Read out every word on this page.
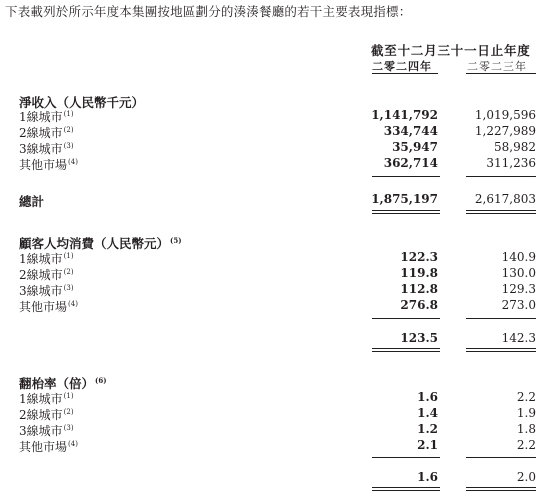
下表載列於所示年度本集團按地區劃分的湊湊餐廳的若干主要表現指標：
截至十二月三十一日止年度
二零二四年	二零二三年
淨收入（人民幣千元）
1線城市$^{(1)}$	1,141,792	1,019,596
2線城市$^{(2)}$	334,744	1,227,989
3線城市$^{(3)}$	35,947	58,982
其他市場$^{(4)}$	362,714	311,236
總計	1,875,197	2,617,803
顧客人均消費（人民幣元）$^{(5)}$
1線城市$^{(1)}$	122.3	140.9
2線城市$^{(2)}$	119.8	130.0
3線城市$^{(3)}$	112.8	129.3
其他市場$^{(4)}$	276.8	273.0
123.5	142.3
翻枱率（倍）$^{(6)}$
1線城市$^{(1)}$	1.6	2.2
2線城市$^{(2)}$	1.4	1.9
3線城市$^{(3)}$	1.2	1.8
其他市場$^{(4)}$	2.1	2.2
1.6	2.0
